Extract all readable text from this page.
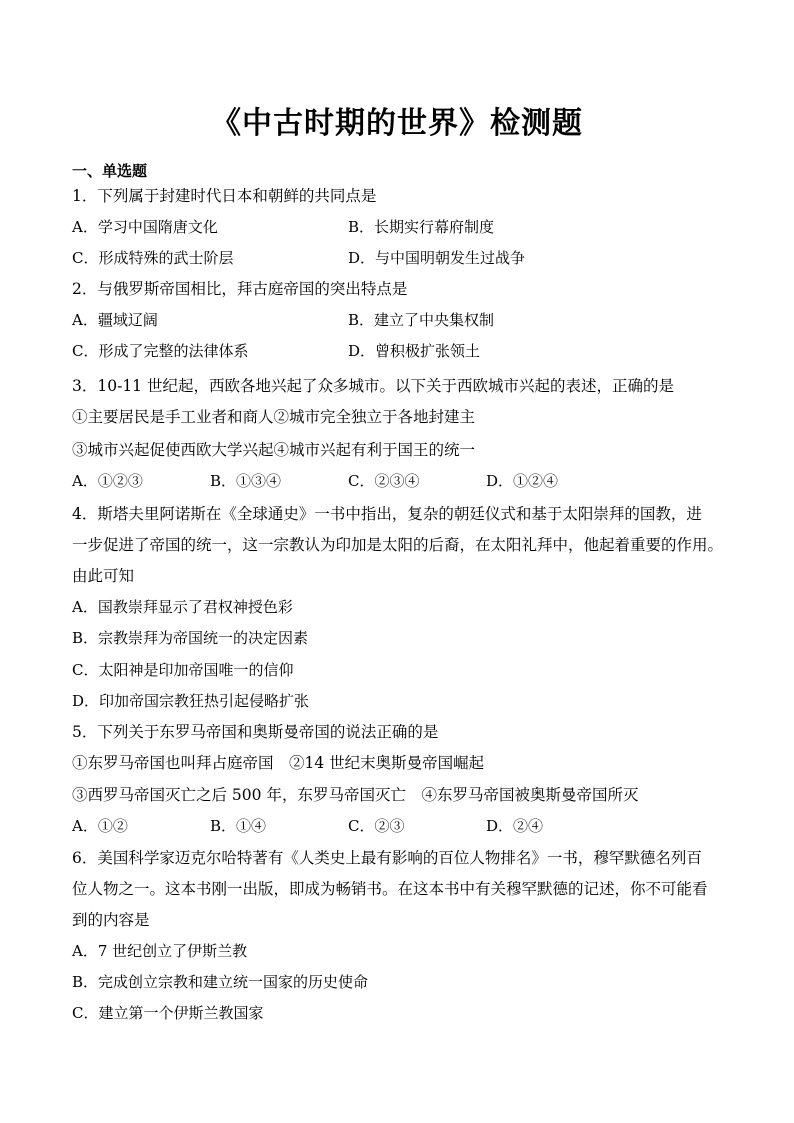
《中古时期的世界》检测题
一、单选题
1．下列属于封建时代日本和朝鲜的共同点是
A．学习中国隋唐文化	B．长期实行幕府制度
C．形成特殊的武士阶层	D．与中国明朝发生过战争
2．与俄罗斯帝国相比，拜古庭帝国的突出特点是
A．疆域辽阔	B．建立了中央集权制
C．形成了完整的法律体系	D．曾积极扩张领土
3．10-11 世纪起，西欧各地兴起了众多城市。以下关于西欧城市兴起的表述，正确的是
①主要居民是手工业者和商人②城市完全独立于各地封建主
③城市兴起促使西欧大学兴起④城市兴起有利于国王的统一
A．①②③	B．①③④	C．②③④	D．①②④
4．斯塔夫里阿诺斯在《全球通史》一书中指出，复杂的朝廷仪式和基于太阳崇拜的国教，进
一步促进了帝国的统一，这一宗教认为印加是太阳的后裔，在太阳礼拜中，他起着重要的作用。
由此可知
A．国教崇拜显示了君权神授色彩
B．宗教崇拜为帝国统一的决定因素
C．太阳神是印加帝国唯一的信仰
D．印加帝国宗教狂热引起侵略扩张
5．下列关于东罗马帝国和奥斯曼帝国的说法正确的是
①东罗马帝国也叫拜占庭帝国　②14 世纪末奥斯曼帝国崛起
③西罗马帝国灭亡之后 500 年，东罗马帝国灭亡　④东罗马帝国被奥斯曼帝国所灭
A．①②	B．①④	C．②③	D．②④
6．美国科学家迈克尔哈特著有《人类史上最有影响的百位人物排名》一书，穆罕默德名列百
位人物之一。这本书刚一出版，即成为畅销书。在这本书中有关穆罕默德的记述，你不可能看
到的内容是
A．7 世纪创立了伊斯兰教
B．完成创立宗教和建立统一国家的历史使命
C．建立第一个伊斯兰教国家
